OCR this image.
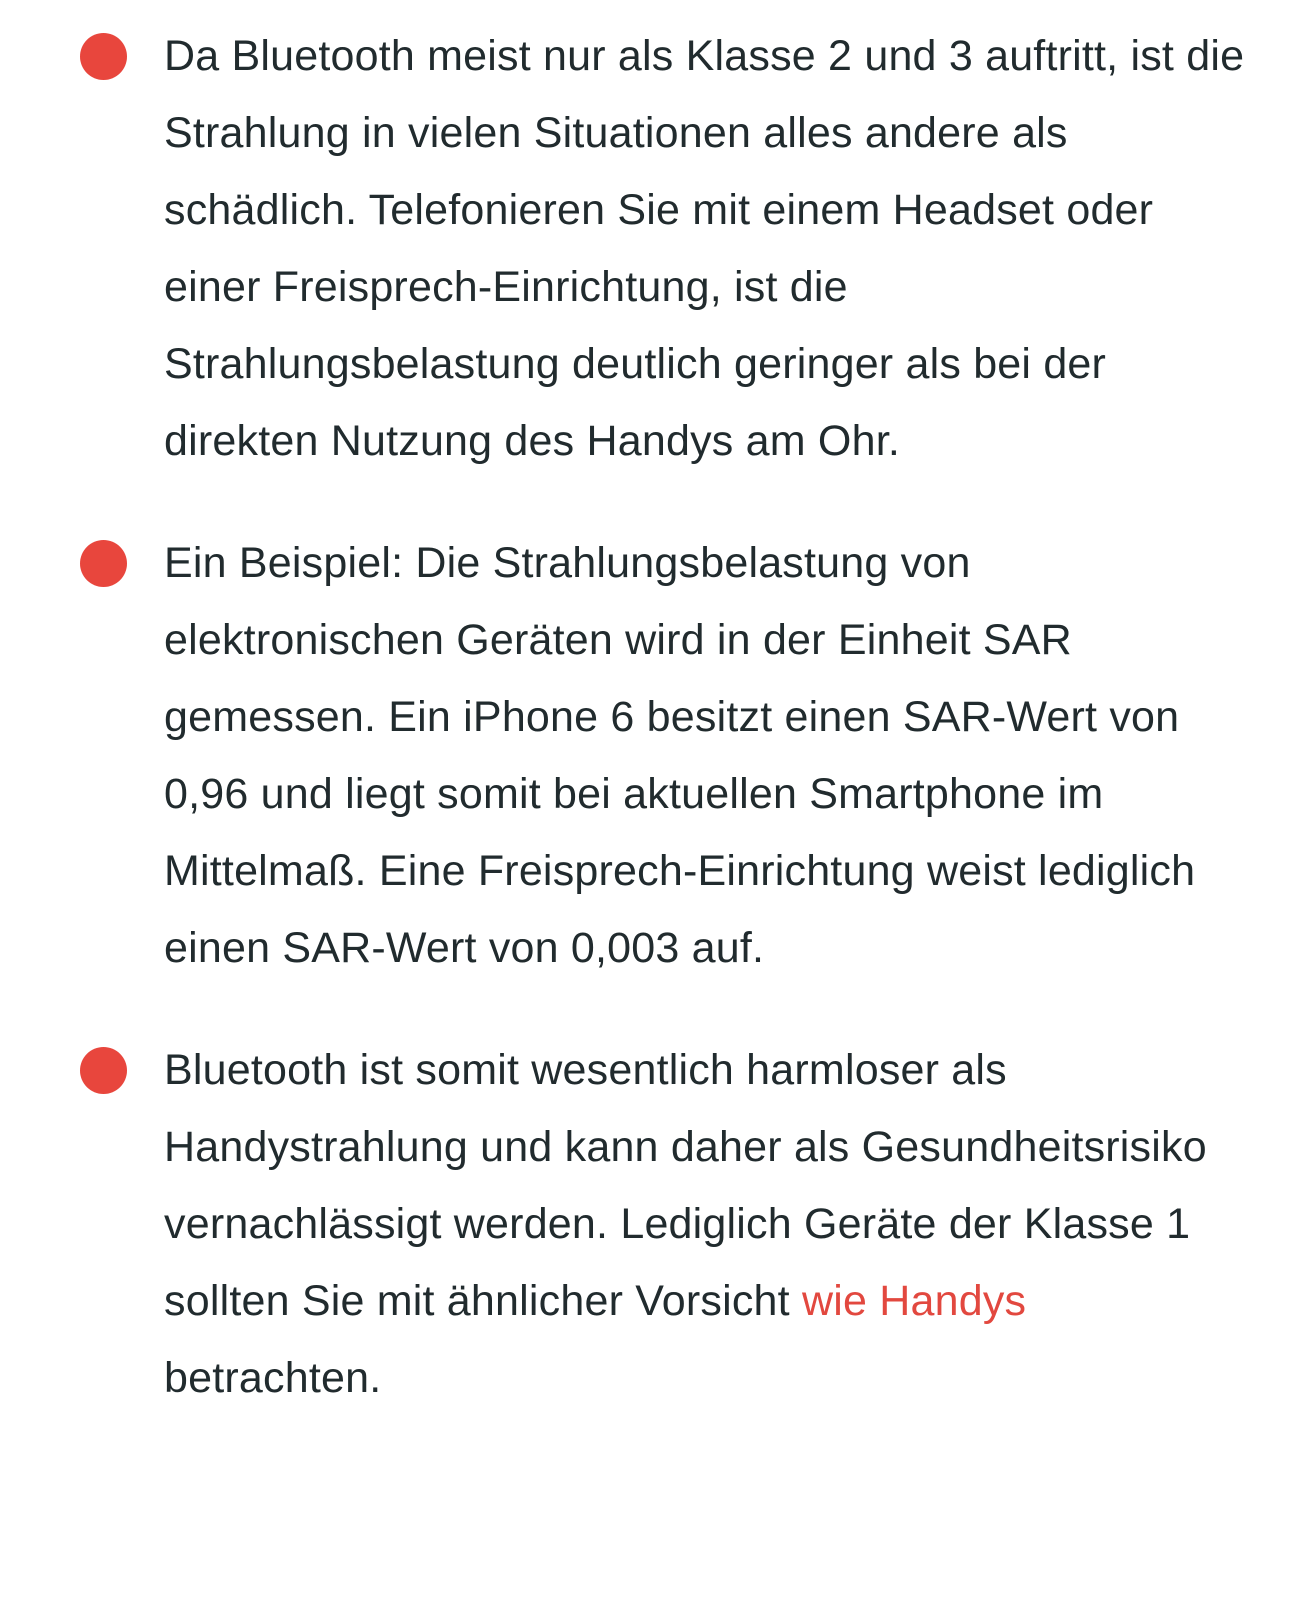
Da Bluetooth meist nur als Klasse 2 und 3 auftritt, ist die Strahlung in vielen Situationen alles andere als schädlich. Telefonieren Sie mit einem Headset oder einer Freisprech-Einrichtung, ist die Strahlungsbelastung deutlich geringer als bei der direkten Nutzung des Handys am Ohr.

Ein Beispiel: Die Strahlungsbelastung von elektronischen Geräten wird in der Einheit SAR gemessen. Ein iPhone 6 besitzt einen SAR-Wert von 0,96 und liegt somit bei aktuellen Smartphone im Mittelmaß. Eine Freisprech-Einrichtung weist lediglich einen SAR-Wert von 0,003 auf.

Bluetooth ist somit wesentlich harmloser als Handystrahlung und kann daher als Gesundheitsrisiko vernachlässigt werden. Lediglich Geräte der Klasse 1 sollten Sie mit ähnlicher Vorsicht wie Handys betrachten.
